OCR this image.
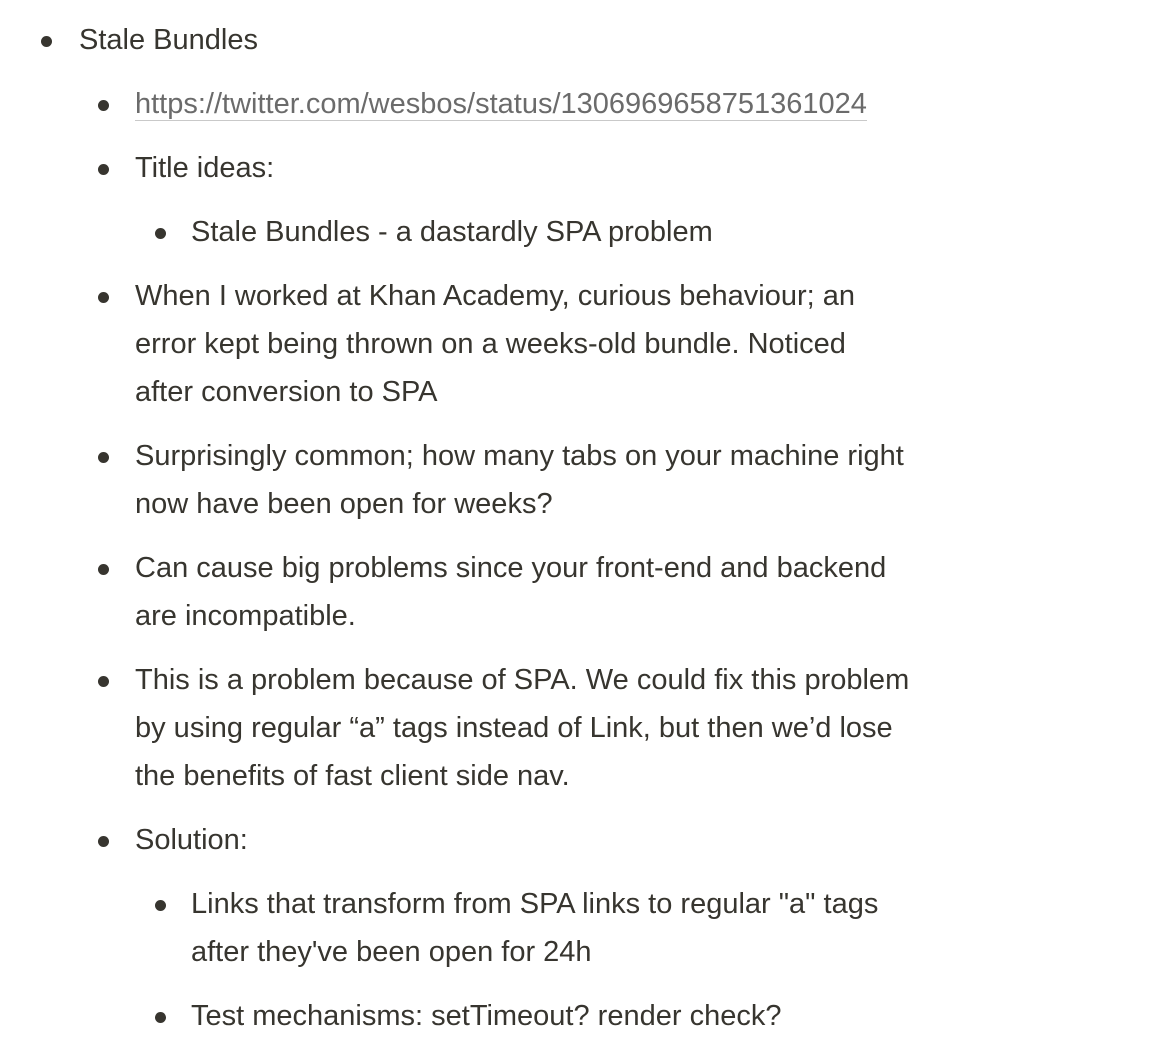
Stale Bundles
https://twitter.com/wesbos/status/1306969658751361024
Title ideas:
Stale Bundles - a dastardly SPA problem
When I worked at Khan Academy, curious behaviour; an
error kept being thrown on a weeks-old bundle. Noticed
after conversion to SPA
Surprisingly common; how many tabs on your machine right
now have been open for weeks?
Can cause big problems since your front-end and backend
are incompatible.
This is a problem because of SPA. We could fix this problem
by using regular “a” tags instead of Link, but then we’d lose
the benefits of fast client side nav.
Solution:
Links that transform from SPA links to regular "a" tags
after they've been open for 24h
Test mechanisms: setTimeout? render check?
